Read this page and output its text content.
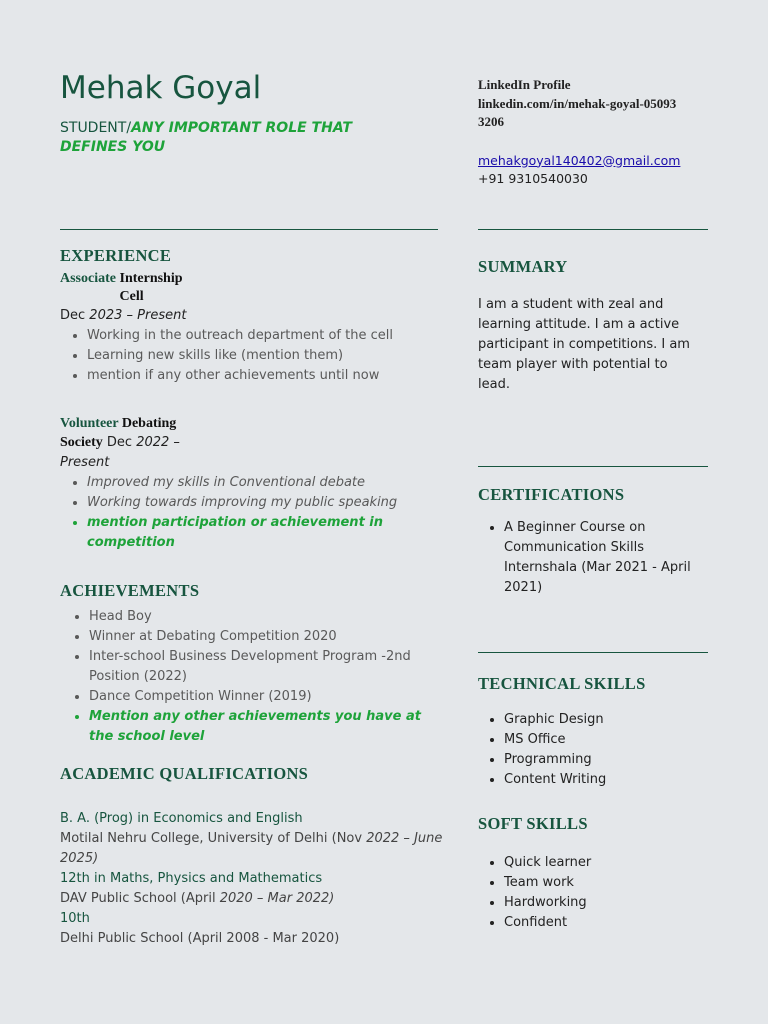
Mehak Goyal
STUDENT/ANY IMPORTANT ROLE THAT DEFINES YOU
LinkedIn Profile
linkedin.com/in/mehak-goyal-050933206
mehakgoyal140402@gmail.com
+91 9310540030
EXPERIENCE
Associate Internship Cell
Dec 2023 – Present
• Working in the outreach department of the cell
• Learning new skills like (mention them)
• mention if any other achievements until now
Volunteer Debating
Society Dec 2022 –
Present
• Improved my skills in Conventional debate
• Working towards improving my public speaking
• mention participation or achievement in competition
ACHIEVEMENTS
• Head Boy
• Winner at Debating Competition 2020
• Inter-school Business Development Program -2nd Position (2022)
• Dance Competition Winner (2019)
• Mention any other achievements you have at the school level
ACADEMIC QUALIFICATIONS
B. A. (Prog) in Economics and English
Motilal Nehru College, University of Delhi (Nov 2022 – June 2025)
12th in Maths, Physics and Mathematics
DAV Public School (April 2020 – Mar 2022)
10th
Delhi Public School (April 2008 - Mar 2020)
SUMMARY
I am a student with zeal and learning attitude. I am a active participant in competitions. I am team player with potential to lead.
CERTIFICATIONS
• A Beginner Course on Communication Skills Internshala (Mar 2021 - April 2021)
TECHNICAL SKILLS
• Graphic Design
• MS Office
• Programming
• Content Writing
SOFT SKILLS
• Quick learner
• Team work
• Hardworking
• Confident
